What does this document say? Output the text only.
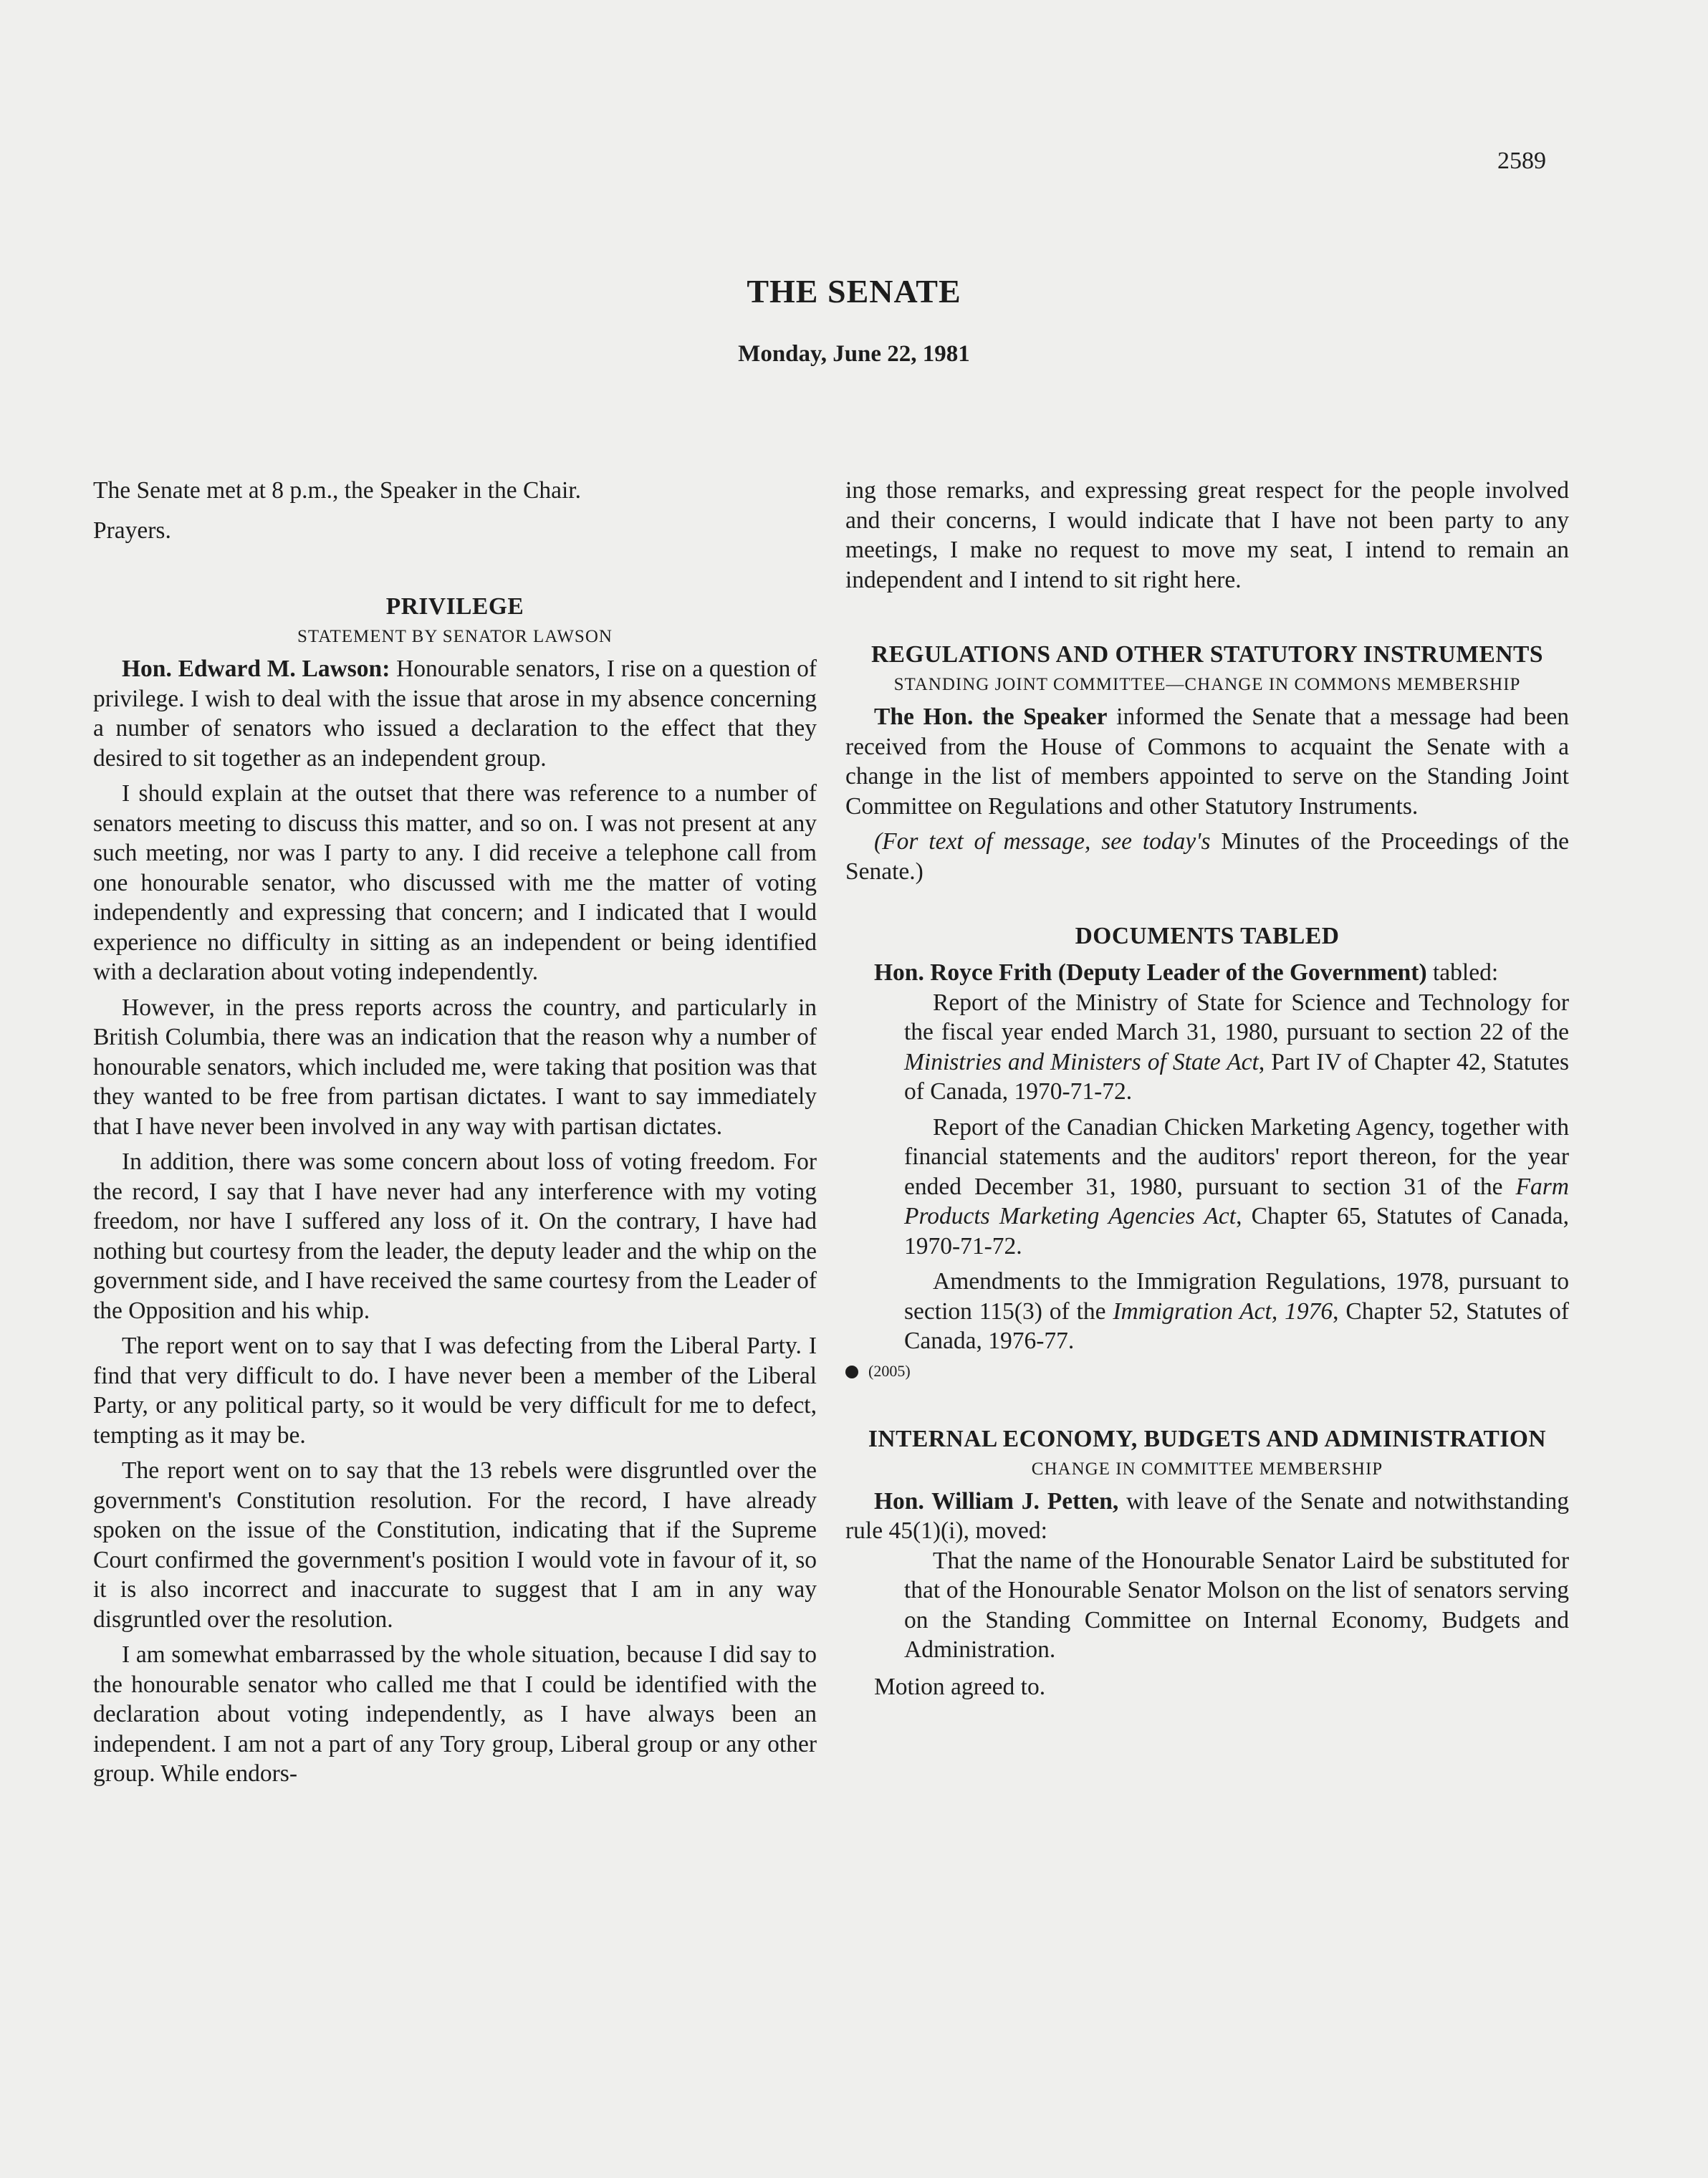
2589
THE SENATE
Monday, June 22, 1981

The Senate met at 8 p.m., the Speaker in the Chair.

Prayers.

PRIVILEGE
STATEMENT BY SENATOR LAWSON

Hon. Edward M. Lawson: Honourable senators, I rise on a question of privilege. I wish to deal with the issue that arose in my absence concerning a number of senators who issued a declaration to the effect that they desired to sit together as an independent group.

I should explain at the outset that there was reference to a number of senators meeting to discuss this matter, and so on. I was not present at any such meeting, nor was I party to any. I did receive a telephone call from one honourable senator, who discussed with me the matter of voting independently and expressing that concern; and I indicated that I would experience no difficulty in sitting as an independent or being identified with a declaration about voting independently.

However, in the press reports across the country, and particularly in British Columbia, there was an indication that the reason why a number of honourable senators, which included me, were taking that position was that they wanted to be free from partisan dictates. I want to say immediately that I have never been involved in any way with partisan dictates.

In addition, there was some concern about loss of voting freedom. For the record, I say that I have never had any interference with my voting freedom, nor have I suffered any loss of it. On the contrary, I have had nothing but courtesy from the leader, the deputy leader and the whip on the government side, and I have received the same courtesy from the Leader of the Opposition and his whip.

The report went on to say that I was defecting from the Liberal Party. I find that very difficult to do. I have never been a member of the Liberal Party, or any political party, so it would be very difficult for me to defect, tempting as it may be.

The report went on to say that the 13 rebels were disgruntled over the government's Constitution resolution. For the record, I have already spoken on the issue of the Constitution, indicating that if the Supreme Court confirmed the government's position I would vote in favour of it, so it is also incorrect and inaccurate to suggest that I am in any way disgruntled over the resolution.

I am somewhat embarrassed by the whole situation, because I did say to the honourable senator who called me that I could be identified with the declaration about voting independently, as I have always been an independent. I am not a part of any Tory group, Liberal group or any other group. While endors-

ing those remarks, and expressing great respect for the people involved and their concerns, I would indicate that I have not been party to any meetings, I make no request to move my seat, I intend to remain an independent and I intend to sit right here.

REGULATIONS AND OTHER STATUTORY INSTRUMENTS
STANDING JOINT COMMITTEE—CHANGE IN COMMONS MEMBERSHIP

The Hon. the Speaker informed the Senate that a message had been received from the House of Commons to acquaint the Senate with a change in the list of members appointed to serve on the Standing Joint Committee on Regulations and other Statutory Instruments.

(For text of message, see today's Minutes of the Proceedings of the Senate.)

DOCUMENTS TABLED

Hon. Royce Frith (Deputy Leader of the Government) tabled:

Report of the Ministry of State for Science and Technology for the fiscal year ended March 31, 1980, pursuant to section 22 of the Ministries and Ministers of State Act, Part IV of Chapter 42, Statutes of Canada, 1970-71-72.

Report of the Canadian Chicken Marketing Agency, together with financial statements and the auditors' report thereon, for the year ended December 31, 1980, pursuant to section 31 of the Farm Products Marketing Agencies Act, Chapter 65, Statutes of Canada, 1970-71-72.

Amendments to the Immigration Regulations, 1978, pursuant to section 115(3) of the Immigration Act, 1976, Chapter 52, Statutes of Canada, 1976-77.

(2005)
INTERNAL ECONOMY, BUDGETS AND ADMINISTRATION
CHANGE IN COMMITTEE MEMBERSHIP

Hon. William J. Petten, with leave of the Senate and notwithstanding rule 45(1)(i), moved:

That the name of the Honourable Senator Laird be substituted for that of the Honourable Senator Molson on the list of senators serving on the Standing Committee on Internal Economy, Budgets and Administration.

Motion agreed to.
